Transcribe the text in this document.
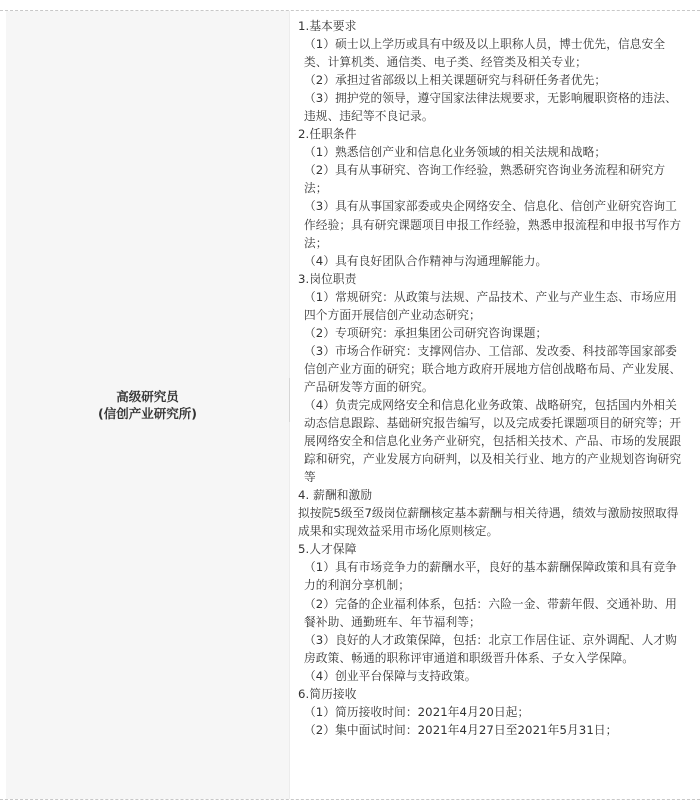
高级研究员
(信创产业研究所)

1.基本要求

（1）硕士以上学历或具有中级及以上职称人员，博士优先，信息安全类、计算机类、通信类、电子类、经管类及相关专业；

（2）承担过省部级以上相关课题研究与科研任务者优先；

（3）拥护党的领导，遵守国家法律法规要求，无影响履职资格的违法、违规、违纪等不良记录。

2.任职条件

（1）熟悉信创产业和信息化业务领域的相关法规和战略；

（2）具有从事研究、咨询工作经验，熟悉研究咨询业务流程和研究方法；

（3）具有从事国家部委或央企网络安全、信息化、信创产业研究咨询工作经验；具有研究课题项目申报工作经验，熟悉申报流程和申报书写作方法；

（4）具有良好团队合作精神与沟通理解能力。

3.岗位职责

（1）常规研究：从政策与法规、产品技术、产业与产业生态、市场应用四个方面开展信创产业动态研究；

（2）专项研究：承担集团公司研究咨询课题；

（3）市场合作研究：支撑网信办、工信部、发改委、科技部等国家部委信创产业方面的研究；联合地方政府开展地方信创战略布局、产业发展、产品研发等方面的研究。

（4）负责完成网络安全和信息化业务政策、战略研究，包括国内外相关动态信息跟踪、基础研究报告编写，以及完成委托课题项目的研究等；开展网络安全和信息化业务产业研究，包括相关技术、产品、市场的发展跟踪和研究，产业发展方向研判，以及相关行业、地方的产业规划咨询研究等

4. 薪酬和激励

拟按院5级至7级岗位薪酬核定基本薪酬与相关待遇，绩效与激励按照取得成果和实现效益采用市场化原则核定。

5.人才保障

（1）具有市场竞争力的薪酬水平，良好的基本薪酬保障政策和具有竞争力的利润分享机制；

（2）完备的企业福利体系，包括：六险一金、带薪年假、交通补助、用餐补助、通勤班车、年节福利等；

（3）良好的人才政策保障，包括：北京工作居住证、京外调配、人才购房政策、畅通的职称评审通道和职级晋升体系、子女入学保障。

（4）创业平台保障与支持政策。

6.简历接收

（1）简历接收时间：2021年4月20日起；

（2）集中面试时间：2021年4月27日至2021年5月31日；
